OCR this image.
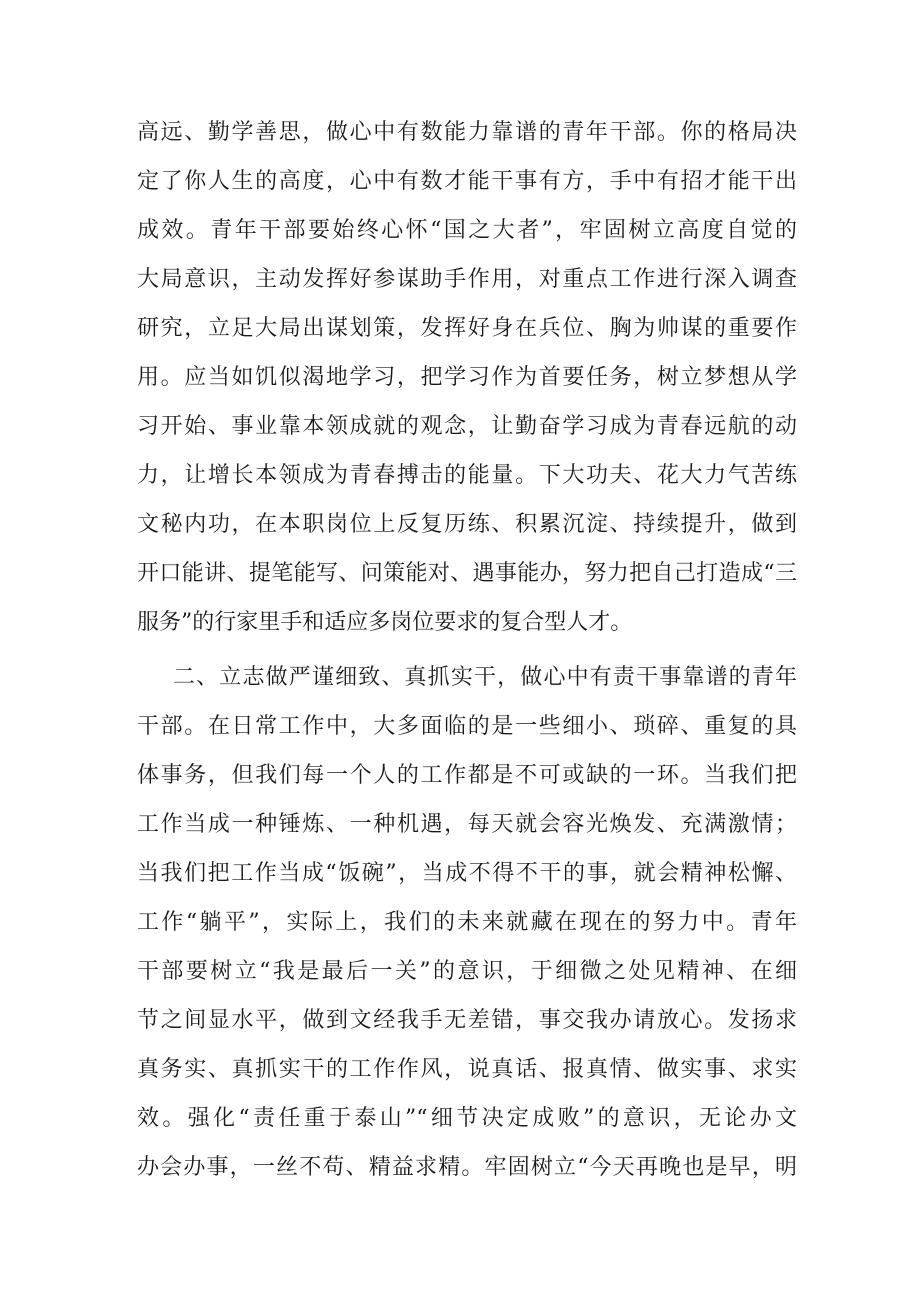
高远、勤学善思，做心中有数能力靠谱的青年干部。你的格局决
定了你人生的高度，心中有数才能干事有方，手中有招才能干出
成效。青年干部要始终心怀“国之大者”，牢固树立高度自觉的
大局意识，主动发挥好参谋助手作用，对重点工作进行深入调查
研究，立足大局出谋划策，发挥好身在兵位、胸为帅谋的重要作
用。应当如饥似渴地学习，把学习作为首要任务，树立梦想从学
习开始、事业靠本领成就的观念，让勤奋学习成为青春远航的动
力，让增长本领成为青春搏击的能量。下大功夫、花大力气苦练
文秘内功，在本职岗位上反复历练、积累沉淀、持续提升，做到
开口能讲、提笔能写、问策能对、遇事能办，努力把自己打造成“三
服务”的行家里手和适应多岗位要求的复合型人才。
二、立志做严谨细致、真抓实干，做心中有责干事靠谱的青年
干部。在日常工作中，大多面临的是一些细小、琐碎、重复的具
体事务，但我们每一个人的工作都是不可或缺的一环。当我们把
工作当成一种锤炼、一种机遇，每天就会容光焕发、充满激情；
当我们把工作当成“饭碗”，当成不得不干的事，就会精神松懈、
工作“躺平”，实际上，我们的未来就藏在现在的努力中。青年
干部要树立“我是最后一关”的意识，于细微之处见精神、在细
节之间显水平，做到文经我手无差错，事交我办请放心。发扬求
真务实、真抓实干的工作作风，说真话、报真情、做实事、求实
效。强化“责任重于泰山”“细节决定成败”的意识，无论办文
办会办事，一丝不苟、精益求精。牢固树立“今天再晚也是早，明
